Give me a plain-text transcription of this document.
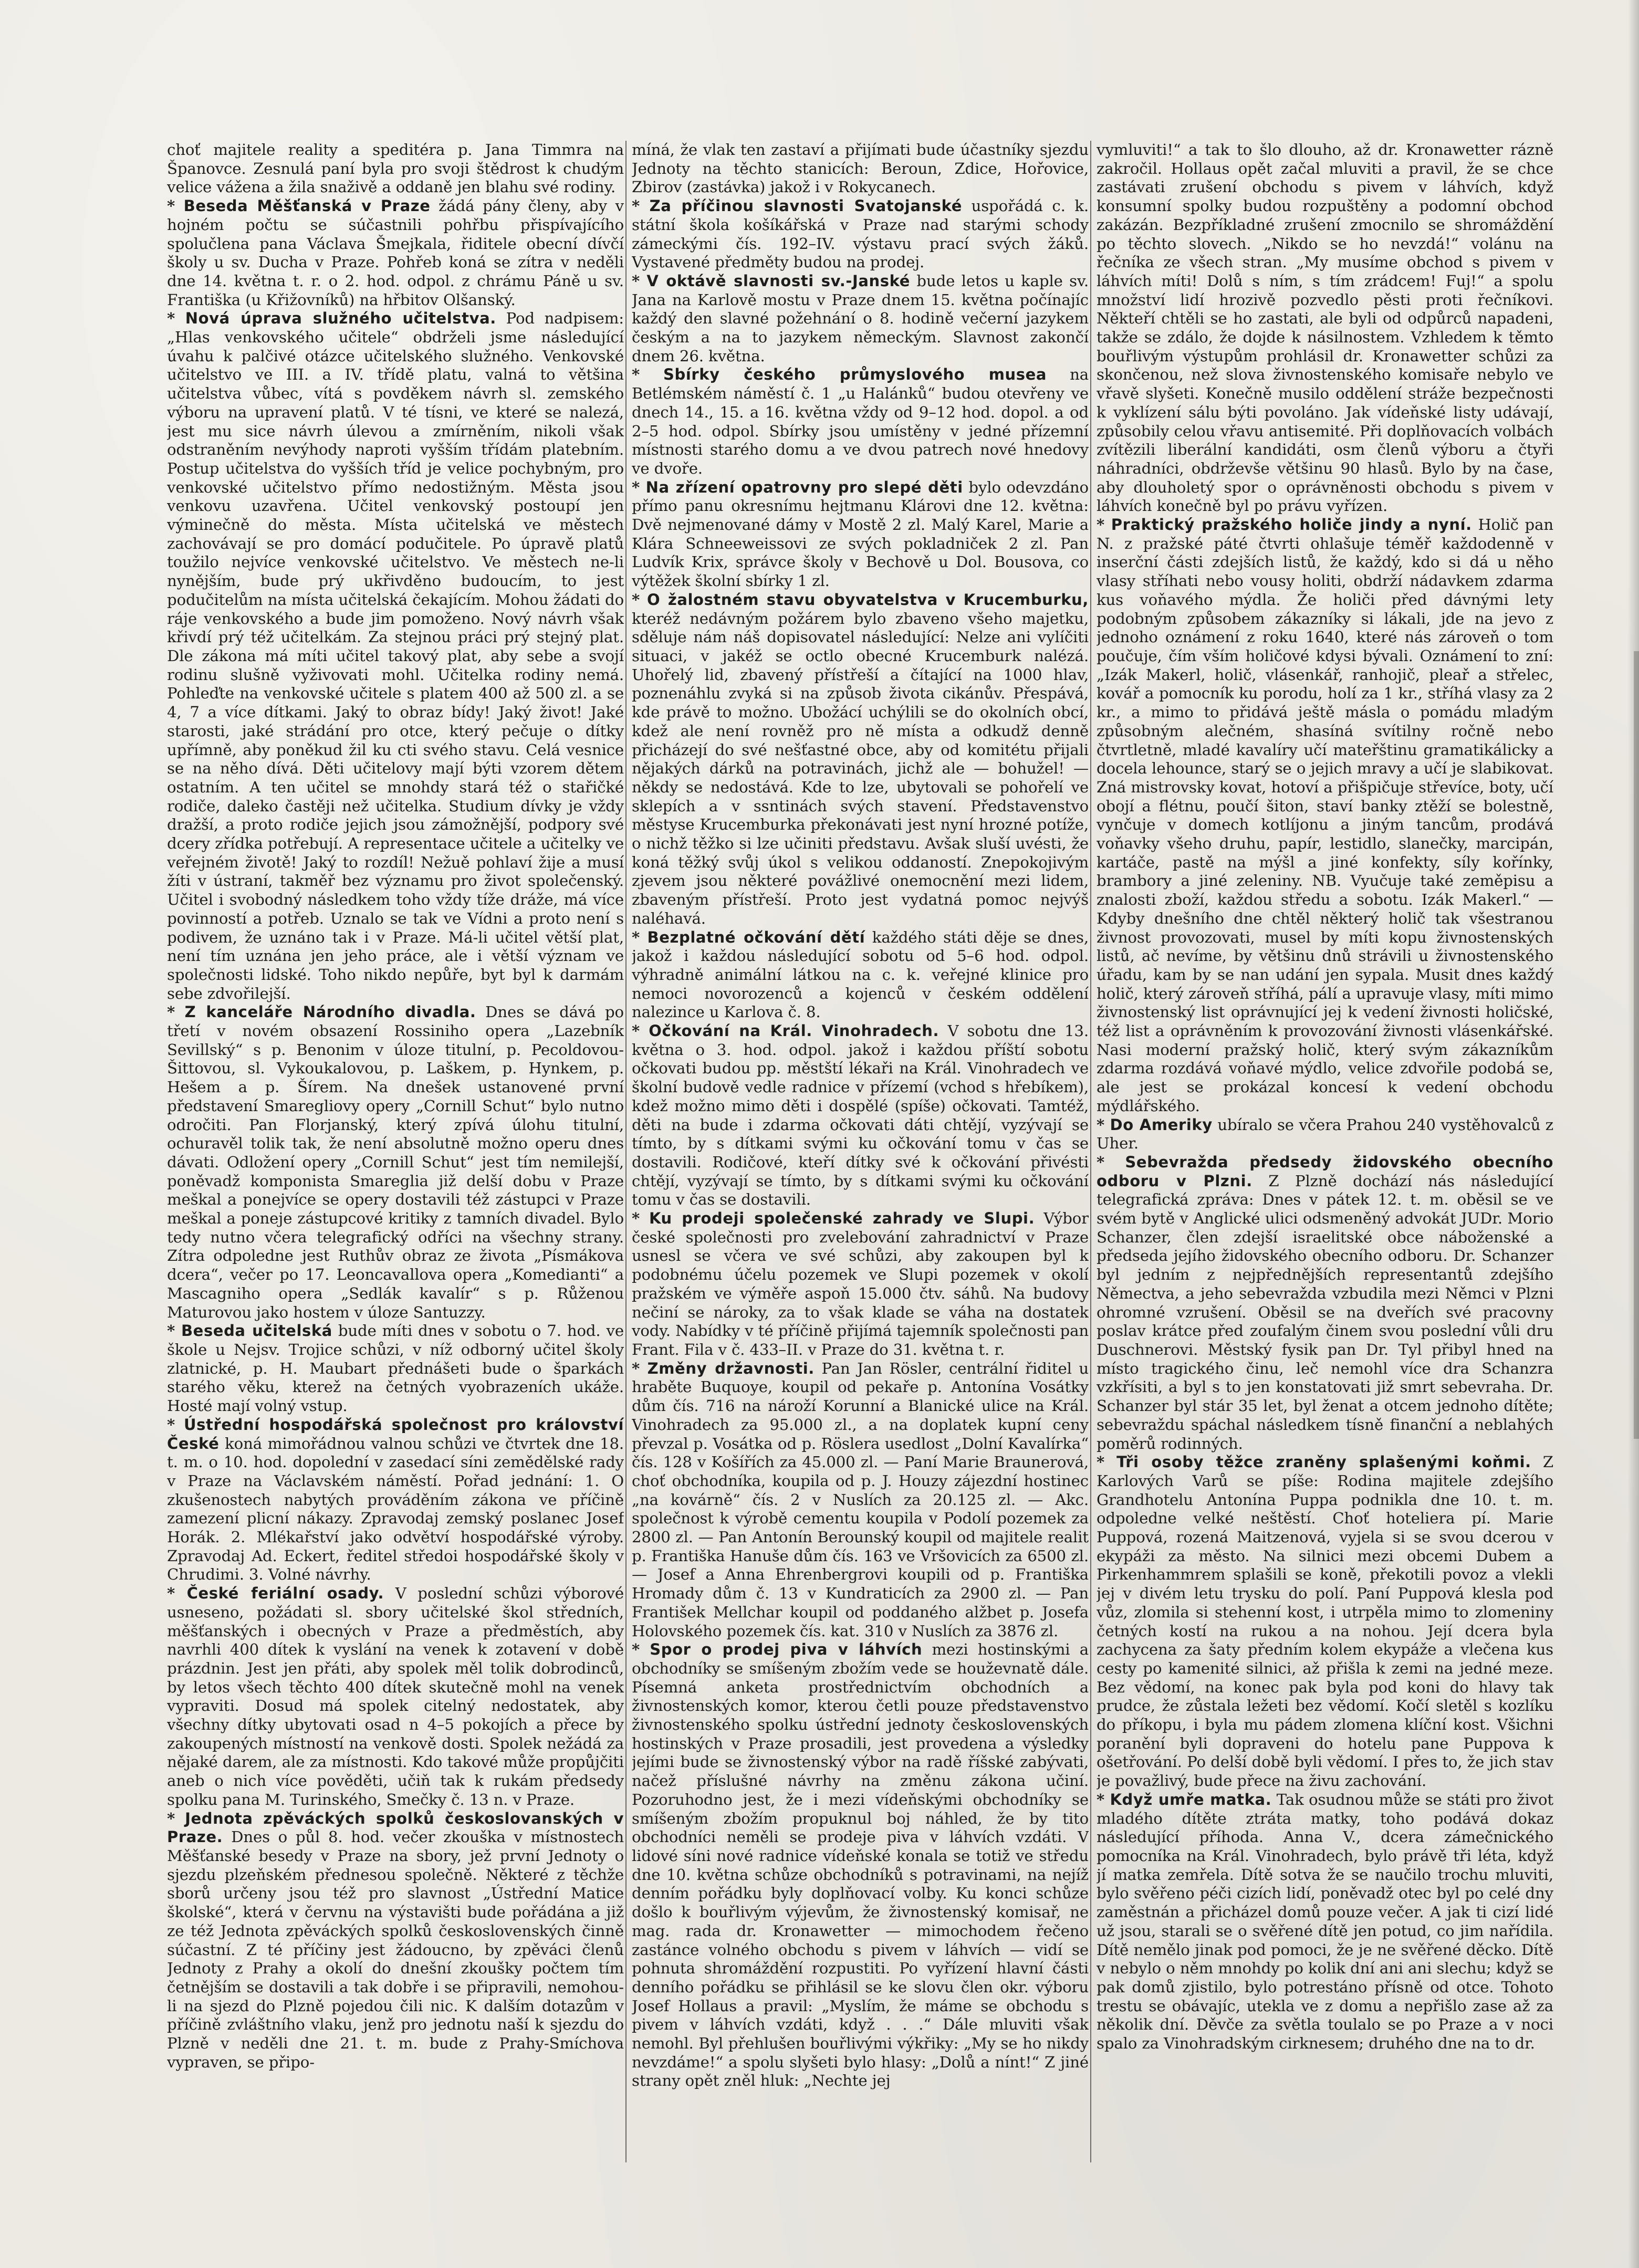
choť majitele reality a speditéra p. Jana Timmra na Španovce. Zesnulá paní byla pro svoji štědrost k chudým velice vážena a žila snaživě a oddaně jen blahu své rodiny.

* Beseda Měšťanská v Praze žádá pány členy, aby v hojném počtu se súčastnili pohřbu přispívajícího spolučlena pana Václava Šmejkala, řiditele obecní dívčí školy u sv. Ducha v Praze. Pohřeb koná se zítra v neděli dne 14. května t. r. o 2. hod. odpol. z chrámu Páně u sv. Františka (u Křižovníků) na hřbitov Olšanský.

* Nová úprava služného učitelstva. Pod nadpisem: „Hlas venkovského učitele“ obdrželi jsme následující úvahu k palčivé otázce učitelského služného. Venkovské učitelstvo ve III. a IV. třídě platu, valná to většina učitelstva vůbec, vítá s povděkem návrh sl. zemského výboru na upravení platů. V té tísni, ve které se nalezá, jest mu sice návrh úlevou a zmírněním, nikoli však odstraněním nevýhody naproti vyšším třídám platebním. Postup učitelstva do vyšších tříd je velice pochybným, pro venkovské učitelstvo přímo nedostižným. Města jsou venkovu uzavřena. Učitel venkovský postoupí jen výminečně do města. Místa učitelská ve městech zachovávají se pro domácí podučitele. Po úpravě platů toužilo nejvíce venkovské učitelstvo. Ve městech ne-li nynějším, bude prý ukřivděno budoucím, to jest podučitelům na místa učitelská čekajícím. Mohou žádati do ráje venkovského a bude jim pomoženo. Nový návrh však křivdí prý též učitelkám. Za stejnou práci prý stejný plat. Dle zákona má míti učitel takový plat, aby sebe a svojí rodinu slušně vyživovati mohl. Učitelka rodiny nemá. Pohleďte na venkovské učitele s platem 400 až 500 zl. a se 4, 7 a více dítkami. Jaký to obraz bídy! Jaký život! Jaké starosti, jaké strádání pro otce, který pečuje o dítky upřímně, aby poněkud žil ku cti svého stavu. Celá vesnice se na něho dívá. Děti učitelovy mají býti vzorem dětem ostatním. A ten učitel se mnohdy stará též o stařičké rodiče, daleko častěji než učitelka. Studium dívky je vždy dražší, a proto rodiče jejich jsou zámožnější, podpory své dcery zřídka potřebují. A representace učitele a učitelky ve veřejném životě! Jaký to rozdíl! Nežuě pohlaví žije a musí žíti v ústraní, takměř bez významu pro život společenský. Učitel i svobodný následkem toho vždy tíže dráže, má více povinností a potřeb. Uznalo se tak ve Vídni a proto není s podivem, že uznáno tak i v Praze. Má-li učitel větší plat, není tím uznána jen jeho práce, ale i větší význam ve společnosti lidské. Toho nikdo nepůře, byt byl k darmám sebe zdvořilejší.

* Z kanceláře Národního divadla. Dnes se dává po třetí v novém obsazení Rossiniho opera „Lazebník Sevillský“ s p. Benonim v úloze titulní, p. Pecoldovou-Šittovou, sl. Vykoukalovou, p. Laškem, p. Hynkem, p. Hešem a p. Šírem. Na dnešek ustanovené první představení Smaregliovy opery „Cornill Schut“ bylo nutno odročiti. Pan Florjanský, který zpívá úlohu titulní, ochuravěl tolik tak, že není absolutně možno operu dnes dávati. Odložení opery „Cornill Schut“ jest tím nemilejší, poněvadž komponista Smareglia již delší dobu v Praze meškal a ponejvíce se opery dostavili též zástupci v Praze meškal a poneje zástupcové kritiky z tamních divadel. Bylo tedy nutno včera telegrafický odříci na všechny strany. Zítra odpoledne jest Ruthův obraz ze života „Písmákova dcera“, večer po 17. Leoncavallova opera „Komedianti“ a Mascagniho opera „Sedlák kavalír“ s p. Růženou Maturovou jako hostem v úloze Santuzzy.

* Beseda učitelská bude míti dnes v sobotu o 7. hod. ve škole u Nejsv. Trojice schůzi, v níž odborný učitel školy zlatnické, p. H. Maubart přednášeti bude o šparkách starého věku, kterež na četných vyobrazeních ukáže. Hosté mají volný vstup.

* Ústřední hospodářská společnost pro království České koná mimořádnou valnou schůzi ve čtvrtek dne 18. t. m. o 10. hod. dopolední v zasedací síni zemědělské rady v Praze na Václavském náměstí. Pořad jednání: 1. O zkušenostech nabytých prováděním zákona ve příčině zamezení plicní nákazy. Zpravodaj zemský poslanec Josef Horák. 2. Mlékařství jako odvětví hospodářské výroby. Zpravodaj Ad. Eckert, ředitel středoi hospodářské školy v Chrudimi. 3. Volné návrhy.

* České feriální osady. V poslední schůzi výborové usneseno, požádati sl. sbory učitelské škol středních, měšťanských i obecných v Praze a předměstích, aby navrhli 400 dítek k vyslání na venek k zotavení v době prázdnin. Jest jen přáti, aby spolek měl tolik dobrodinců, by letos všech těchto 400 dítek skutečně mohl na venek vypraviti. Dosud má spolek citelný nedostatek, aby všechny dítky ubytovati osad n 4–5 pokojích a přece by zakoupených místností na venkově dosti. Spolek nežádá za nějaké darem, ale za místnosti. Kdo takové může propůjčiti aneb o nich více pověděti, učiň tak k rukám předsedy spolku pana M. Turinského, Smečky č. 13 n. v Praze.

* Jednota zpěváckých spolků českoslovanských v Praze. Dnes o půl 8. hod. večer zkouška v místnostech Měšťanské besedy v Praze na sbory, jež první Jednoty o sjezdu plzeňském přednesou společně. Některé z těchže sborů určeny jsou též pro slavnost „Ústřední Matice školské“, která v červnu na výstavišti bude pořádána a již ze též Jednota zpěváckých spolků československých činně súčastní. Z té příčiny jest žádoucno, by zpěváci členů Jednoty z Prahy a okolí do dnešní zkoušky počtem tím četnějším se dostavili a tak dobře i se připravili, nemohou-li na sjezd do Plzně pojedou čili nic. K dalším dotazům v příčině zvláštního vlaku, jenž pro jednotu naší k sjezdu do Plzně v neděli dne 21. t. m. bude z Prahy-Smíchova vypraven, se připo-

míná, že vlak ten zastaví a přijímati bude účastníky sjezdu Jednoty na těchto stanicích: Beroun, Zdice, Hořovice, Zbirov (zastávka) jakož i v Rokycanech.

* Za příčinou slavnosti Svatojanské uspořádá c. k. státní škola košíkářská v Praze nad starými schody zámeckými čís. 192–IV. výstavu prací svých žáků. Vystavené předměty budou na prodej.

* V oktávě slavnosti sv.-Janské bude letos u kaple sv. Jana na Karlově mostu v Praze dnem 15. května počínajíc každý den slavné požehnání o 8. hodině večerní jazykem českým a na to jazykem německým. Slavnost zakončí dnem 26. května.

* Sbírky českého průmyslového musea na Betlémském náměstí č. 1 „u Halánků“ budou otevřeny ve dnech 14., 15. a 16. května vždy od 9–12 hod. dopol. a od 2–5 hod. odpol. Sbírky jsou umístěny v jedné přízemní místnosti starého domu a ve dvou patrech nové hnedovy ve dvoře.

* Na zřízení opatrovny pro slepé děti bylo odevzdáno přímo panu okresnímu hejtmanu Klárovi dne 12. května: Dvě nejmenované dámy v Mostě 2 zl. Malý Karel, Marie a Klára Schneeweissovi ze svých pokladniček 2 zl. Pan Ludvík Krix, správce školy v Bechově u Dol. Bousova, co výtěžek školní sbírky 1 zl.

* O žalostném stavu obyvatelstva v Krucemburku, kteréž nedávným požárem bylo zbaveno všeho majetku, sděluje nám náš dopisovatel následující: Nelze ani vylíčiti situaci, v jakéž se octlo obecné Krucemburk nalézá. Uhořelý lid, zbavený přístřeší a čítající na 1000 hlav, poznenáhlu zvyká si na způsob života cikánův. Přespává, kde právě to možno. Ubožácí uchýlili se do okolních obcí, kdež ale není rovněž pro ně místa a odkudž denně přicházejí do své nešťastné obce, aby od komitétu přijali nějakých dárků na potravinách, jichž ale — bohužel! — někdy se nedostává. Kde to lze, ubytovali se pohořelí ve sklepích a v ssntinách svých stavení. Představenstvo městyse Krucemburka překonávati jest nyní hrozné potíže, o nichž těžko si lze učiniti představu. Avšak sluší uvésti, že koná těžký svůj úkol s velikou oddaností. Znepokojivým zjevem jsou některé povážlivé onemocnění mezi lidem, zbaveným přístřeší. Proto jest vydatná pomoc nejvýš naléhavá.

* Bezplatné očkování dětí každého státi děje se dnes, jakož i každou následující sobotu od 5–6 hod. odpol. výhradně animální látkou na c. k. veřejné klinice pro nemoci novorozenců a kojenců v českém oddělení nalezince u Karlova č. 8.

* Očkování na Král. Vinohradech. V sobotu dne 13. května o 3. hod. odpol. jakož i každou příští sobotu očkovati budou pp. městští lékaři na Král. Vinohradech ve školní budově vedle radnice v přízemí (vchod s hřebíkem), kdež možno mimo děti i dospělé (spíše) očkovati. Tamtéž, děti na bude i zdarma očkovati dáti chtějí, vyzývají se tímto, by s dítkami svými ku očkování tomu v čas se dostavili. Rodičové, kteří dítky své k očkování přivésti chtějí, vyzývají se tímto, by s dítkami svými ku očkování tomu v čas se dostavili.

* Ku prodeji společenské zahrady ve Slupi. Výbor české společnosti pro zvelebování zahradnictví v Praze usnesl se včera ve své schůzi, aby zakoupen byl k podobnému účelu pozemek ve Slupi pozemek v okolí pražském ve výměře aspoň 15.000 čtv. sáhů. Na budovy nečiní se nároky, za to však klade se váha na dostatek vody. Nabídky v té příčině přijímá tajemník společnosti pan Frant. Fila v č. 433–II. v Praze do 31. května t. r.

* Změny državnosti. Pan Jan Rösler, centrální řiditel u hraběte Buquoye, koupil od pekaře p. Antonína Vosátky dům čís. 716 na nároží Korunní a Blanické ulice na Král. Vinohradech za 95.000 zl., a na doplatek kupní ceny převzal p. Vosátka od p. Röslera usedlost „Dolní Kavalírka“ čís. 128 v Košířích za 45.000 zl. — Paní Marie Braunerová, choť obchodníka, koupila od p. J. Houzy zájezdní hostinec „na kovárně“ čís. 2 v Nuslích za 20.125 zl. — Akc. společnost k výrobě cementu koupila v Podolí pozemek za 2800 zl. — Pan Antonín Berounský koupil od majitele realit p. Františka Hanuše dům čís. 163 ve Vršovicích za 6500 zl. — Josef a Anna Ehrenbergrovi koupili od p. Františka Hromady dům č. 13 v Kundraticích za 2900 zl. — Pan František Mellchar koupil od poddaného alžbet p. Josefa Holovského pozemek čís. kat. 310 v Nuslích za 3876 zl.

* Spor o prodej piva v láhvích mezi hostinskými a obchodníky se smíšeným zbožím vede se houževnatě dále. Písemná anketa prostřednictvím obchodních a živnostenských komor, kterou četli pouze představenstvo živnostenského spolku ústřední jednoty československých hostinských v Praze prosadili, jest provedena a výsledky jejími bude se živnostenský výbor na radě říšské zabývati, načež příslušné návrhy na změnu zákona učiní. Pozoruhodno jest, že i mezi vídeňskými obchodníky se smíšeným zbožím propuknul boj náhled, že by tito obchodníci neměli se prodeje piva v láhvích vzdáti. V lidové síni nové radnice vídeňské konala se totiž ve středu dne 10. května schůze obchodníků s potravinami, na nejíž denním pořádku byly doplňovací volby. Ku konci schůze došlo k bouřlivým výjevům, že živnostenský komisař, ne mag. rada dr. Kronawetter — mimochodem řečeno zastánce volného obchodu s pivem v láhvích — vidí se pohnuta shromáždění rozpustiti. Po vyřízení hlavní části denního pořádku se přihlásil se ke slovu člen okr. výboru Josef Hollaus a pravil: „Myslím, že máme se obchodu s pivem v láhvích vzdáti, když . . .“ Dále mluviti však nemohl. Byl přehlušen bouřlivými výkřiky: „My se ho nikdy nevzdáme!“ a spolu slyšeti bylo hlasy: „Dolů a nínt!“ Z jiné strany opět zněl hluk: „Nechte jej

vymluviti!“ a tak to šlo dlouho, až dr. Kronawetter rázně zakročil. Hollaus opět začal mluviti a pravil, že se chce zastávati zrušení obchodu s pivem v láhvích, když konsumní spolky budou rozpuštěny a podomní obchod zakázán. Bezpříkladné zrušení zmocnilo se shromáždění po těchto slovech. „Nikdo se ho nevzdá!“ volánu na řečníka ze všech stran. „My musíme obchod s pivem v láhvích míti! Dolů s ním, s tím zrádcem! Fuj!“ a spolu množství lidí hrozivě pozvedlo pěsti proti řečníkovi. Někteří chtěli se ho zastati, ale byli od odpůrců napadeni, takže se zdálo, že dojde k násilnostem. Vzhledem k těmto bouřlivým výstupům prohlásil dr. Kronawetter schůzi za skončenou, než slova živnostenského komisaře nebylo ve vřavě slyšeti. Konečně musilo oddělení stráže bezpečnosti k vyklízení sálu býti povoláno. Jak vídeňské listy udávají, způsobily celou vřavu antisemité. Při doplňovacích volbách zvítězili liberální kandidáti, osm členů výboru a čtyři náhradníci, obdrževše většinu 90 hlasů. Bylo by na čase, aby dlouholetý spor o oprávněnosti obchodu s pivem v láhvích konečně byl po právu vyřízen.

* Praktický pražského holiče jindy a nyní. Holič pan N. z pražské páté čtvrti ohlašuje téměř každodenně v inserční části zdejších listů, že každý, kdo si dá u něho vlasy stříhati nebo vousy holiti, obdrží nádavkem zdarma kus voňavého mýdla. Že holiči před dávnými lety podobným způsobem zákazníky si lákali, jde na jevo z jednoho oznámení z roku 1640, které nás zároveň o tom poučuje, čím vším holičové kdysi bývali. Oznámení to zní: „Izák Makerl, holič, vlásenkář, ranhojič, pleař a střelec, kovář a pomocník ku porodu, holí za 1 kr., stříhá vlasy za 2 kr., a mimo to přidává ještě másla o pomádu mladým způsobným alečném, shasíná svítilny ročně nebo čtvrtletně, mladé kavalíry učí mateřštinu gramatikálicky a docela lehounce, starý se o jejich mravy a učí je slabikovat. Zná mistrovsky kovat, hotoví a přišpičuje střevíce, boty, učí obojí a flétnu, poučí šiton, staví banky ztěží se bolestně, vynčuje v domech kotlíjonu a jiným tancům, prodává voňavky všeho druhu, papír, lestidlo, slanečky, marcipán, kartáče, pastě na mýšl a jiné konfekty, síly kořínky, brambory a jiné zeleniny. NB. Vyučuje také zeměpisu a znalosti zboží, každou středu a sobotu. Izák Makerl.“ — Kdyby dnešního dne chtěl některý holič tak všestranou živnost provozovati, musel by míti kopu živnostenských listů, ač nevíme, by většinu dnů strávili u živnostenského úřadu, kam by se nan udání jen sypala. Musit dnes každý holič, který zároveň stříhá, pálí a upravuje vlasy, míti mimo živnostenský list oprávnující jej k vedení živnosti holičské, též list a oprávněním k provozování živnosti vlásenkářské. Nasi moderní pražský holič, který svým zákazníkům zdarma rozdává voňavé mýdlo, velice zdvořile podobá se, ale jest se prokázal koncesí k vedení obchodu mýdlářského.

* Do Ameriky ubíralo se včera Prahou 240 vystěhovalců z Uher.

* Sebevražda předsedy židovského obecního odboru v Plzni. Z Plzně dochází nás následující telegrafická zpráva: Dnes v pátek 12. t. m. oběsil se ve svém bytě v Anglické ulici odsmeněný advokát JUDr. Morio Schanzer, člen zdejší israelitské obce náboženské a předseda jejího židovského obecního odboru. Dr. Schanzer byl jedním z nejpřednějších representantů zdejšího Němectva, a jeho sebevražda vzbudila mezi Němci v Plzni ohromné vzrušení. Oběsil se na dveřích své pracovny poslav krátce před zoufalým činem svou poslední vůli dru Duschnerovi. Městský fysik pan Dr. Tyl přibyl hned na místo tragického činu, leč nemohl více dra Schanzra vzkřísiti, a byl s to jen konstatovati již smrt sebevraha. Dr. Schanzer byl stár 35 let, byl ženat a otcem jednoho dítěte; sebevraždu spáchal následkem tísně finanční a neblahých poměrů rodinných.

* Tři osoby těžce zraněny splašenými koňmi. Z Karlových Varů se píše: Rodina majitele zdejšího Grandhotelu Antonína Puppa podnikla dne 10. t. m. odpoledne velké neštěstí. Choť hoteliera pí. Marie Puppová, rozená Maitzenová, vyjela si se svou dcerou v ekypáži za město. Na silnici mezi obcemi Dubem a Pirkenhammrem splašili se koně, překotili povoz a vlekli jej v divém letu trysku do polí. Paní Puppová klesla pod vůz, zlomila si stehenní kost, i utrpěla mimo to zlomeniny četných kostí na rukou a na nohou. Její dcera byla zachycena za šaty předním kolem ekypáže a vlečena kus cesty po kamenité silnici, až přišla k zemi na jedné meze. Bez vědomí, na konec pak byla pod koni do hlavy tak prudce, že zůstala ležeti bez vědomí. Kočí sletěl s kozlíku do příkopu, i byla mu pádem zlomena klíční kost. Všichni poranění byli dopraveni do hotelu pane Puppova k ošetřování. Po delší době byli vědomí. I přes to, že jich stav je považlivý, bude přece na živu zachování.

* Když umře matka. Tak osudnou může se státi pro život mladého dítěte ztráta matky, toho podává dokaz následující příhoda. Anna V., dcera zámečnického pomocníka na Král. Vinohradech, bylo právě tři léta, když jí matka zemřela. Dítě sotva že se naučilo trochu mluviti, bylo svěřeno péči cizích lidí, poněvadž otec byl po celé dny zaměstnán a přicházel domů pouze večer. A jak ti cizí lidé už jsou, starali se o svěřené dítě jen potud, co jim nařídila. Dítě nemělo jinak pod pomoci, že je ne svěřené děcko. Dítě v nebylo o něm mnohdy po kolik dní ani ani slechu; když se pak domů zjistilo, bylo potrestáno přísně od otce. Tohoto trestu se obávajíc, utekla ve z domu a nepřišlo zase až za několik dní. Děvče za světla toulalo se po Praze a v noci spalo za Vinohradským cirknesem; druhého dne na to dr.
